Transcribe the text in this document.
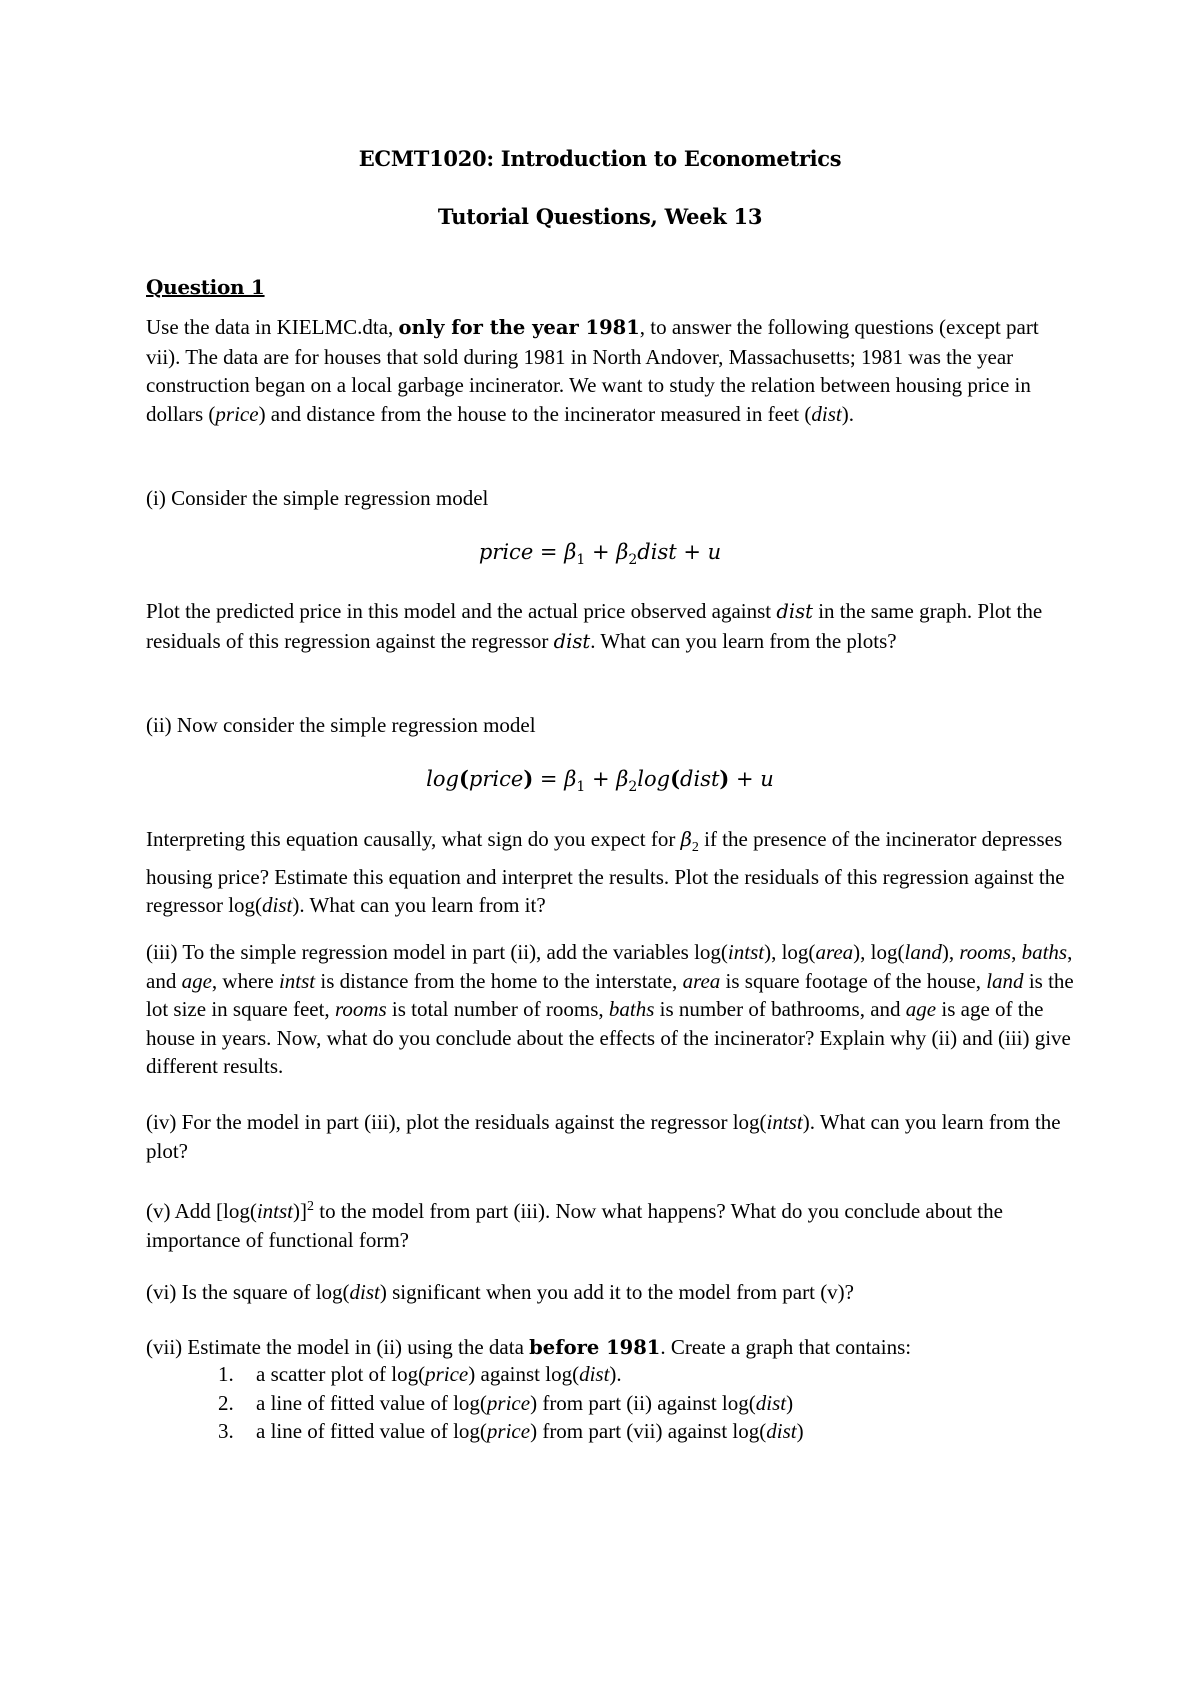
ECMT1020: Introduction to Econometrics
Tutorial Questions, Week 13
Question 1
Use the data in KIELMC.dta, only for the year 1981, to answer the following questions (except part vii). The data are for houses that sold during 1981 in North Andover, Massachusetts; 1981 was the year construction began on a local garbage incinerator. We want to study the relation between housing price in dollars (price) and distance from the house to the incinerator measured in feet (dist).
(i) Consider the simple regression model
price = $\beta_1$ + $\beta_2dist + u$
Plot the predicted price in this model and the actual price observed against dist in the same graph. Plot the residuals of this regression against the regressor dist. What can you learn from the plots?
(ii) Now consider the simple regression model
log(price) = $\beta_1$ + $\beta_2\log(dist) + u$
Interpreting this equation causally, what sign do you expect for $\beta_2$ if the presence of the incinerator depresses housing price? Estimate this equation and interpret the results. Plot the residuals of this regression against the regressor log(dist). What can you learn from it?
(iii) To the simple regression model in part (ii), add the variables log(intst), log(area), log(land), rooms, baths, and age, where intst is distance from the home to the interstate, area is square footage of the house, land is the lot size in square feet, rooms is total number of rooms, baths is number of bathrooms, and age is age of the house in years. Now, what do you conclude about the effects of the incinerator? Explain why (ii) and (iii) give different results.
(iv) For the model in part (iii), plot the residuals against the regressor log(intst). What can you learn from the plot?
(v) Add [log(intst)]$^2$ to the model from part (iii). Now what happens? What do you conclude about the importance of functional form?
(vi) Is the square of log(dist) significant when you add it to the model from part (v)?
(vii) Estimate the model in (ii) using the data before 1981. Create a graph that contains:
1. a scatter plot of log(price) against log(dist).
2. a line of fitted value of log(price) from part (ii) against log(dist)
3. a line of fitted value of log(price) from part (vii) against log(dist)
